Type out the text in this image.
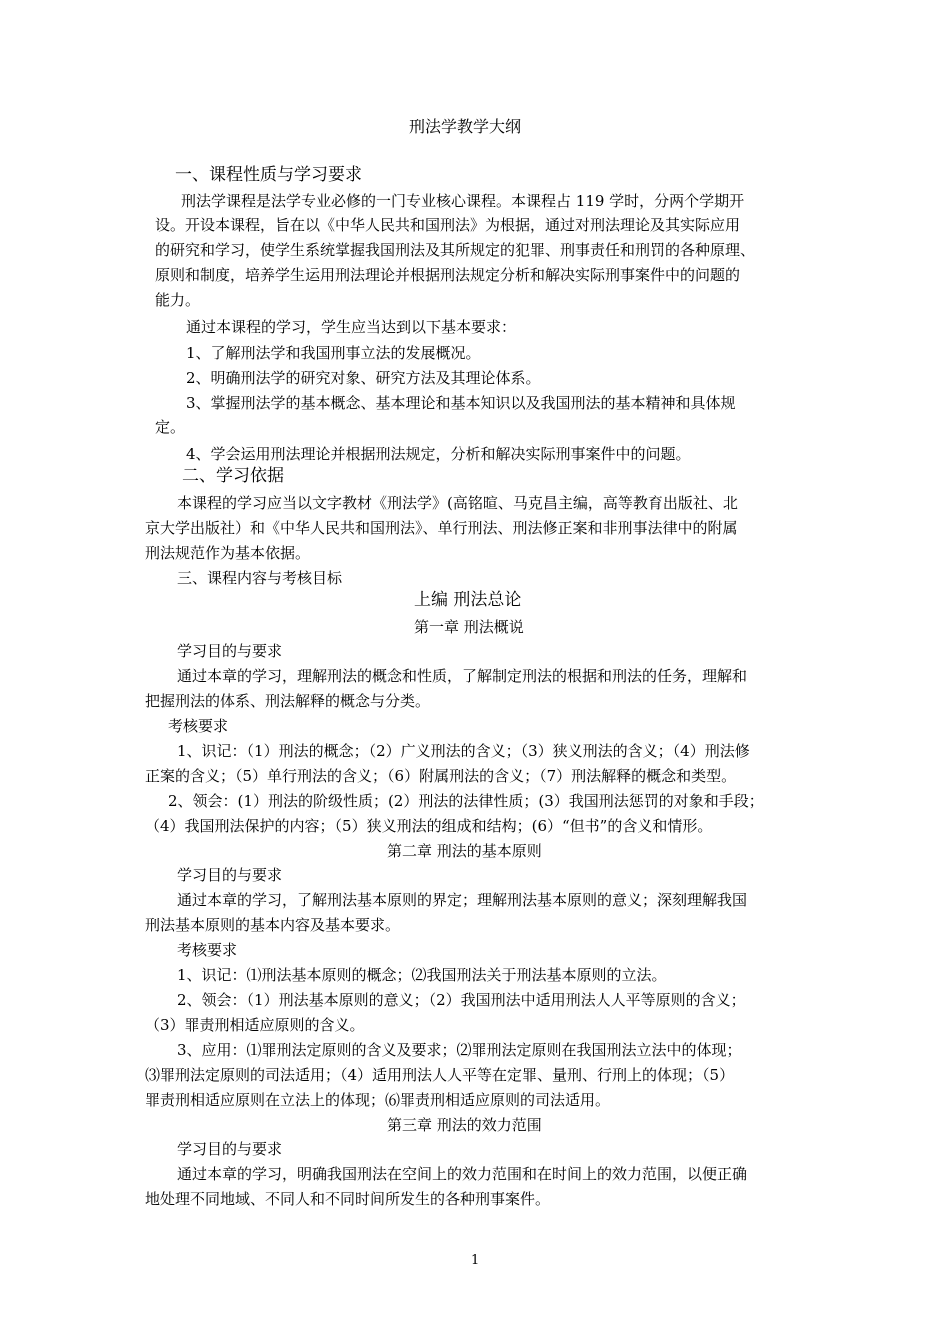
刑法学教学大纲
一、课程性质与学习要求
刑法学课程是法学专业必修的一门专业核心课程。本课程占 119 学时，分两个学期开
设。开设本课程，旨在以《中华人民共和国刑法》为根据，通过对刑法理论及其实际应用
的研究和学习，使学生系统掌握我国刑法及其所规定的犯罪、刑事责任和刑罚的各种原理、
原则和制度，培养学生运用刑法理论并根据刑法规定分析和解决实际刑事案件中的问题的
能力。
通过本课程的学习，学生应当达到以下基本要求：
1、了解刑法学和我国刑事立法的发展概况。
2、明确刑法学的研究对象、研究方法及其理论体系。
3、掌握刑法学的基本概念、基本理论和基本知识以及我国刑法的基本精神和具体规
定。
4、学会运用刑法理论并根据刑法规定，分析和解决实际刑事案件中的问题。
二、学习依据
本课程的学习应当以文字教材《刑法学》(高铭暄、马克昌主编，高等教育出版社、北
京大学出版社）和《中华人民共和国刑法》、单行刑法、刑法修正案和非刑事法律中的附属
刑法规范作为基本依据。
三、课程内容与考核目标
上编 刑法总论
第一章 刑法概说
学习目的与要求
通过本章的学习，理解刑法的概念和性质，了解制定刑法的根据和刑法的任务，理解和
把握刑法的体系、刑法解释的概念与分类。
考核要求
1、识记：（1）刑法的概念；（2）广义刑法的含义；（3）狭义刑法的含义；（4）刑法修
正案的含义；（5）单行刑法的含义；（6）附属刑法的含义；（7）刑法解释的概念和类型。
2、领会：(1）刑法的阶级性质；(2）刑法的法律性质；(3）我国刑法惩罚的对象和手段；
（4）我国刑法保护的内容；（5）狭义刑法的组成和结构；(6）“但书”的含义和情形。
第二章 刑法的基本原则
学习目的与要求
通过本章的学习，了解刑法基本原则的界定；理解刑法基本原则的意义；深刻理解我国
刑法基本原则的基本内容及基本要求。
考核要求
1、识记：⑴刑法基本原则的概念；⑵我国刑法关于刑法基本原则的立法。
2、领会：（1）刑法基本原则的意义；（2）我国刑法中适用刑法人人平等原则的含义；
（3）罪责刑相适应原则的含义。
3、应用：⑴罪刑法定原则的含义及要求；⑵罪刑法定原则在我国刑法立法中的体现；
⑶罪刑法定原则的司法适用；（4）适用刑法人人平等在定罪、量刑、行刑上的体现；（5）
罪责刑相适应原则在立法上的体现；⑹罪责刑相适应原则的司法适用。
第三章 刑法的效力范围
学习目的与要求
通过本章的学习，明确我国刑法在空间上的效力范围和在时间上的效力范围，以便正确
地处理不同地域、不同人和不同时间所发生的各种刑事案件。
1
